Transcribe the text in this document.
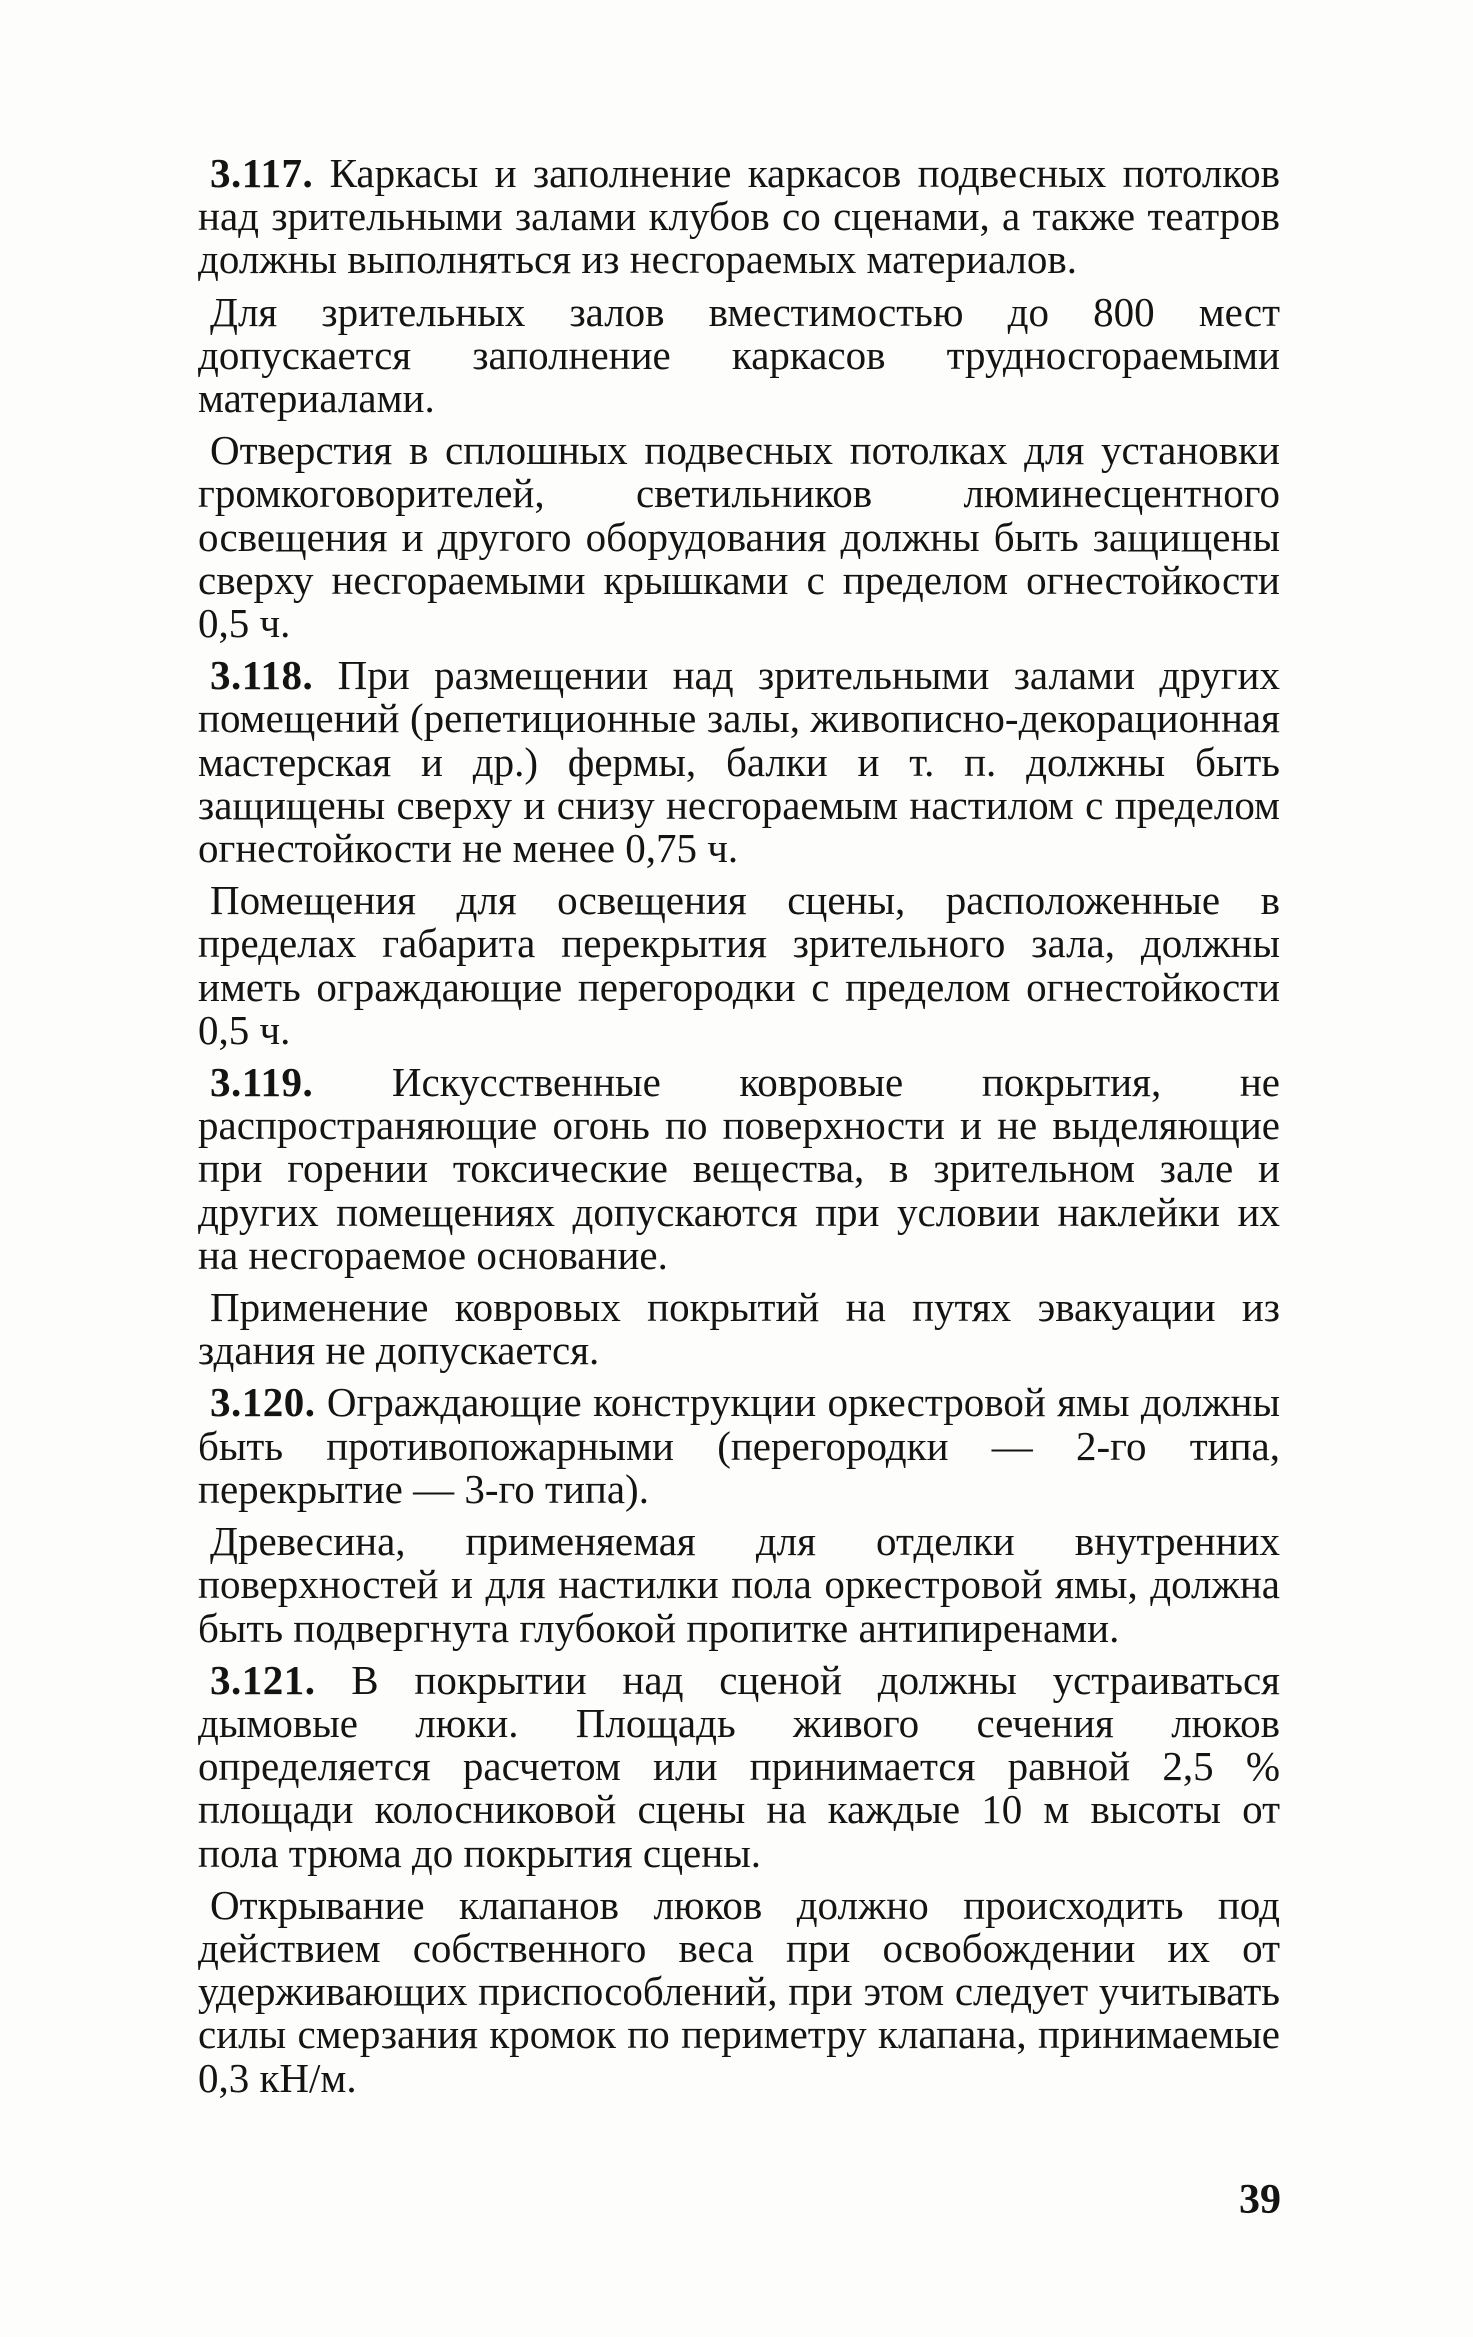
3.117. Каркасы и заполнение каркасов подвесных потолков над зрительными залами клубов со сценами, а также театров должны выполняться из несгораемых материалов.

Для зрительных залов вместимостью до 800 мест допускается заполнение каркасов трудносгораемыми материалами.

Отверстия в сплошных подвесных потолках для установки громкоговорителей, светильников люминесцентного освещения и другого оборудования должны быть защищены сверху несгораемыми крышками с пределом огнестойкости 0,5 ч.

3.118. При размещении над зрительными залами других помещений (репетиционные залы, живописно-декорационная мастерская и др.) фермы, балки и т. п. должны быть защищены сверху и снизу несгораемым настилом с пределом огнестойкости не менее 0,75 ч.

Помещения для освещения сцены, расположенные в пределах габарита перекрытия зрительного зала, должны иметь ограждающие перегородки с пределом огнестойкости 0,5 ч.

3.119. Искусственные ковровые покрытия, не распространяющие огонь по поверхности и не выделяющие при горении токсические вещества, в зрительном зале и других помещениях допускаются при условии наклейки их на несгораемое основание.

Применение ковровых покрытий на путях эвакуации из здания не допускается.

3.120. Ограждающие конструкции оркестровой ямы должны быть противопожарными (перегородки — 2-го типа, перекрытие — 3-го типа).

Древесина, применяемая для отделки внутренних поверхностей и для настилки пола оркестровой ямы, должна быть подвергнута глубокой пропитке антипиренами.

3.121. В покрытии над сценой должны устраиваться дымовые люки. Площадь живого сечения люков определяется расчетом или принимается равной 2,5 % площади колосниковой сцены на каждые 10 м высоты от пола трюма до покрытия сцены.

Открывание клапанов люков должно происходить под действием собственного веса при освобождении их от удерживающих приспособлений, при этом следует учитывать силы смерзания кромок по периметру клапана, принимаемые 0,3 кН/м.

39
